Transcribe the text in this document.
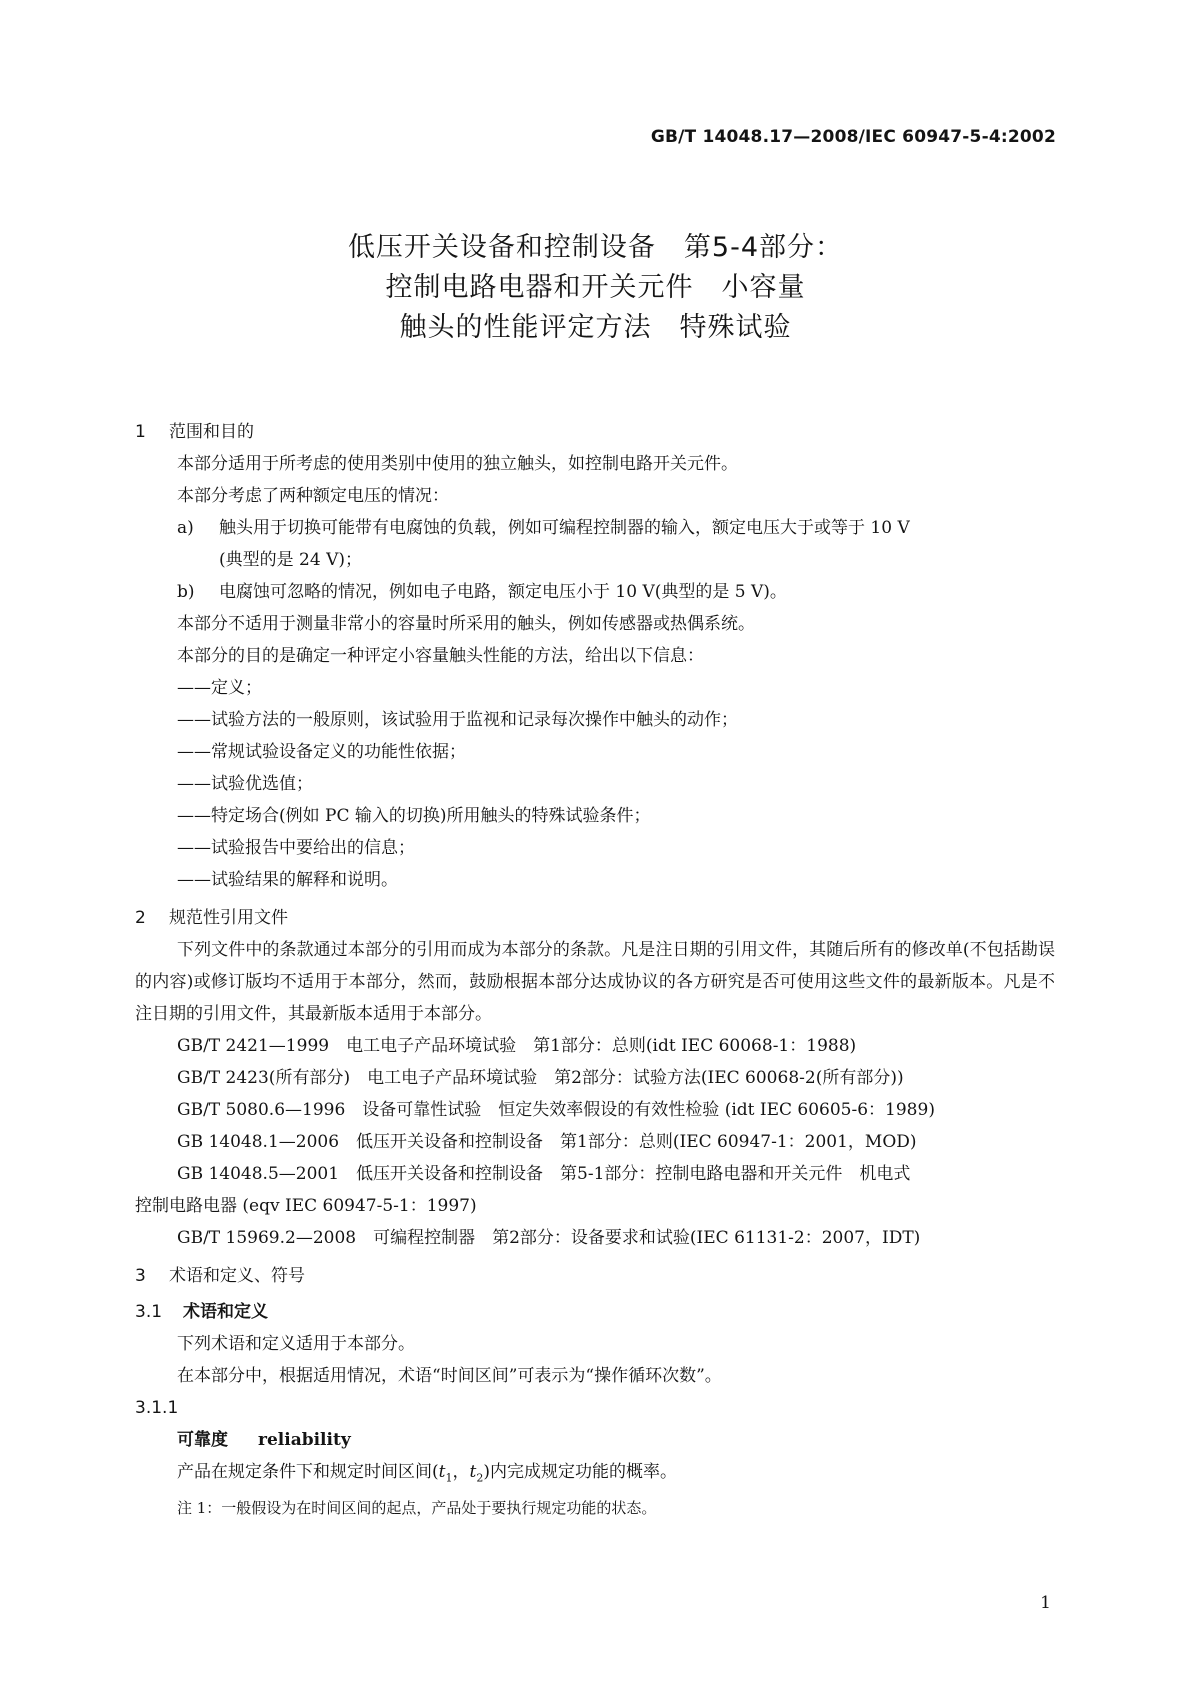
GB/T 14048.17—2008/IEC 60947-5-4:2002
低压开关设备和控制设备　第5-4部分：
控制电路电器和开关元件　小容量
触头的性能评定方法　特殊试验
1 范围和目的
本部分适用于所考虑的使用类别中使用的独立触头，如控制电路开关元件。
本部分考虑了两种额定电压的情况：
a) 触头用于切换可能带有电腐蚀的负载，例如可编程控制器的输入，额定电压大于或等于 10 V
(典型的是 24 V)；
b) 电腐蚀可忽略的情况，例如电子电路，额定电压小于 10 V(典型的是 5 V)。
本部分不适用于测量非常小的容量时所采用的触头，例如传感器或热偶系统。
本部分的目的是确定一种评定小容量触头性能的方法，给出以下信息：
——定义；
——试验方法的一般原则，该试验用于监视和记录每次操作中触头的动作；
——常规试验设备定义的功能性依据；
——试验优选值；
——特定场合(例如 PC 输入的切换)所用触头的特殊试验条件；
——试验报告中要给出的信息；
——试验结果的解释和说明。
2 规范性引用文件
下列文件中的条款通过本部分的引用而成为本部分的条款。凡是注日期的引用文件，其随后所有的修改单(不包括勘误的内容)或修订版均不适用于本部分，然而，鼓励根据本部分达成协议的各方研究是否可使用这些文件的最新版本。凡是不注日期的引用文件，其最新版本适用于本部分。
GB/T 2421—1999　电工电子产品环境试验　第1部分：总则(idt IEC 60068-1：1988)
GB/T 2423(所有部分)　电工电子产品环境试验　第2部分：试验方法(IEC 60068-2(所有部分))
GB/T 5080.6—1996　设备可靠性试验　恒定失效率假设的有效性检验 (idt IEC 60605-6：1989)
GB 14048.1—2006　低压开关设备和控制设备　第1部分：总则(IEC 60947-1：2001，MOD)
GB 14048.5—2001　低压开关设备和控制设备　第5-1部分：控制电路电器和开关元件　机电式
控制电路电器 (eqv IEC 60947-5-1：1997)
GB/T 15969.2—2008　可编程控制器　第2部分：设备要求和试验(IEC 61131-2：2007，IDT)
3 术语和定义、符号
3.1 术语和定义
下列术语和定义适用于本部分。
在本部分中，根据适用情况，术语“时间区间”可表示为“操作循环次数”。
3.1.1
可靠度 reliability
产品在规定条件下和规定时间区间($t_1$，$t_2$)内完成规定功能的概率。
注 1：一般假设为在时间区间的起点，产品处于要执行规定功能的状态。
1
